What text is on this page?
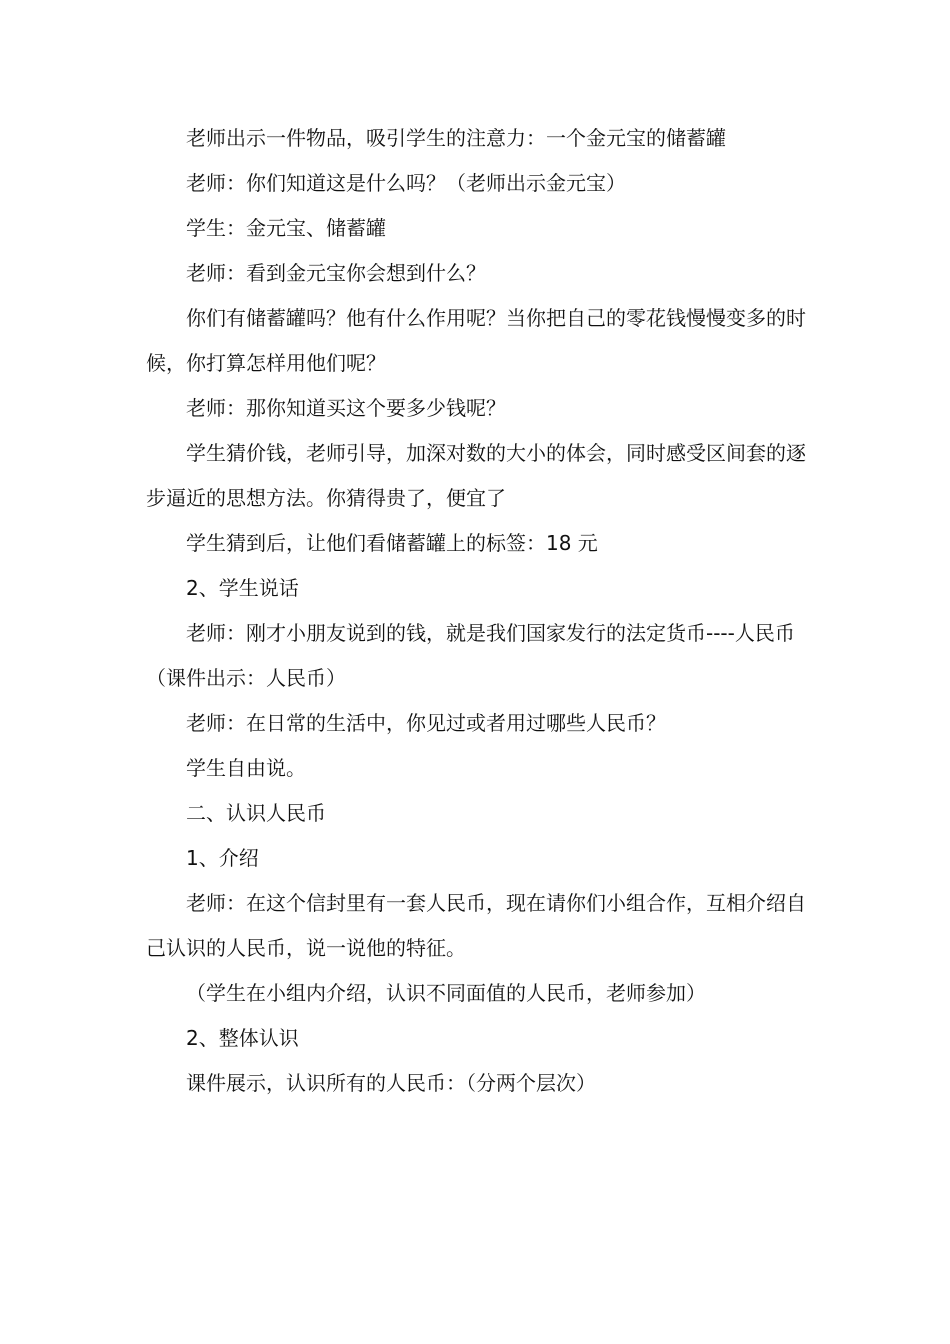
老师出示一件物品，吸引学生的注意力：一个金元宝的储蓄罐

老师：你们知道这是什么吗？（老师出示金元宝）

学生：金元宝、储蓄罐

老师：看到金元宝你会想到什么？

你们有储蓄罐吗？他有什么作用呢？当你把自己的零花钱慢慢变多的时候，你打算怎样用他们呢？

老师：那你知道买这个要多少钱呢？

学生猜价钱，老师引导，加深对数的大小的体会，同时感受区间套的逐步逼近的思想方法。你猜得贵了，便宜了

学生猜到后，让他们看储蓄罐上的标签：18 元

2、学生说话

老师：刚才小朋友说到的钱，就是我们国家发行的法定货币----人民币（课件出示：人民币）

老师：在日常的生活中，你见过或者用过哪些人民币？

学生自由说。

二、认识人民币

1、介绍

老师：在这个信封里有一套人民币，现在请你们小组合作，互相介绍自己认识的人民币，说一说他的特征。

（学生在小组内介绍，认识不同面值的人民币，老师参加）

2、整体认识

课件展示，认识所有的人民币：（分两个层次）
